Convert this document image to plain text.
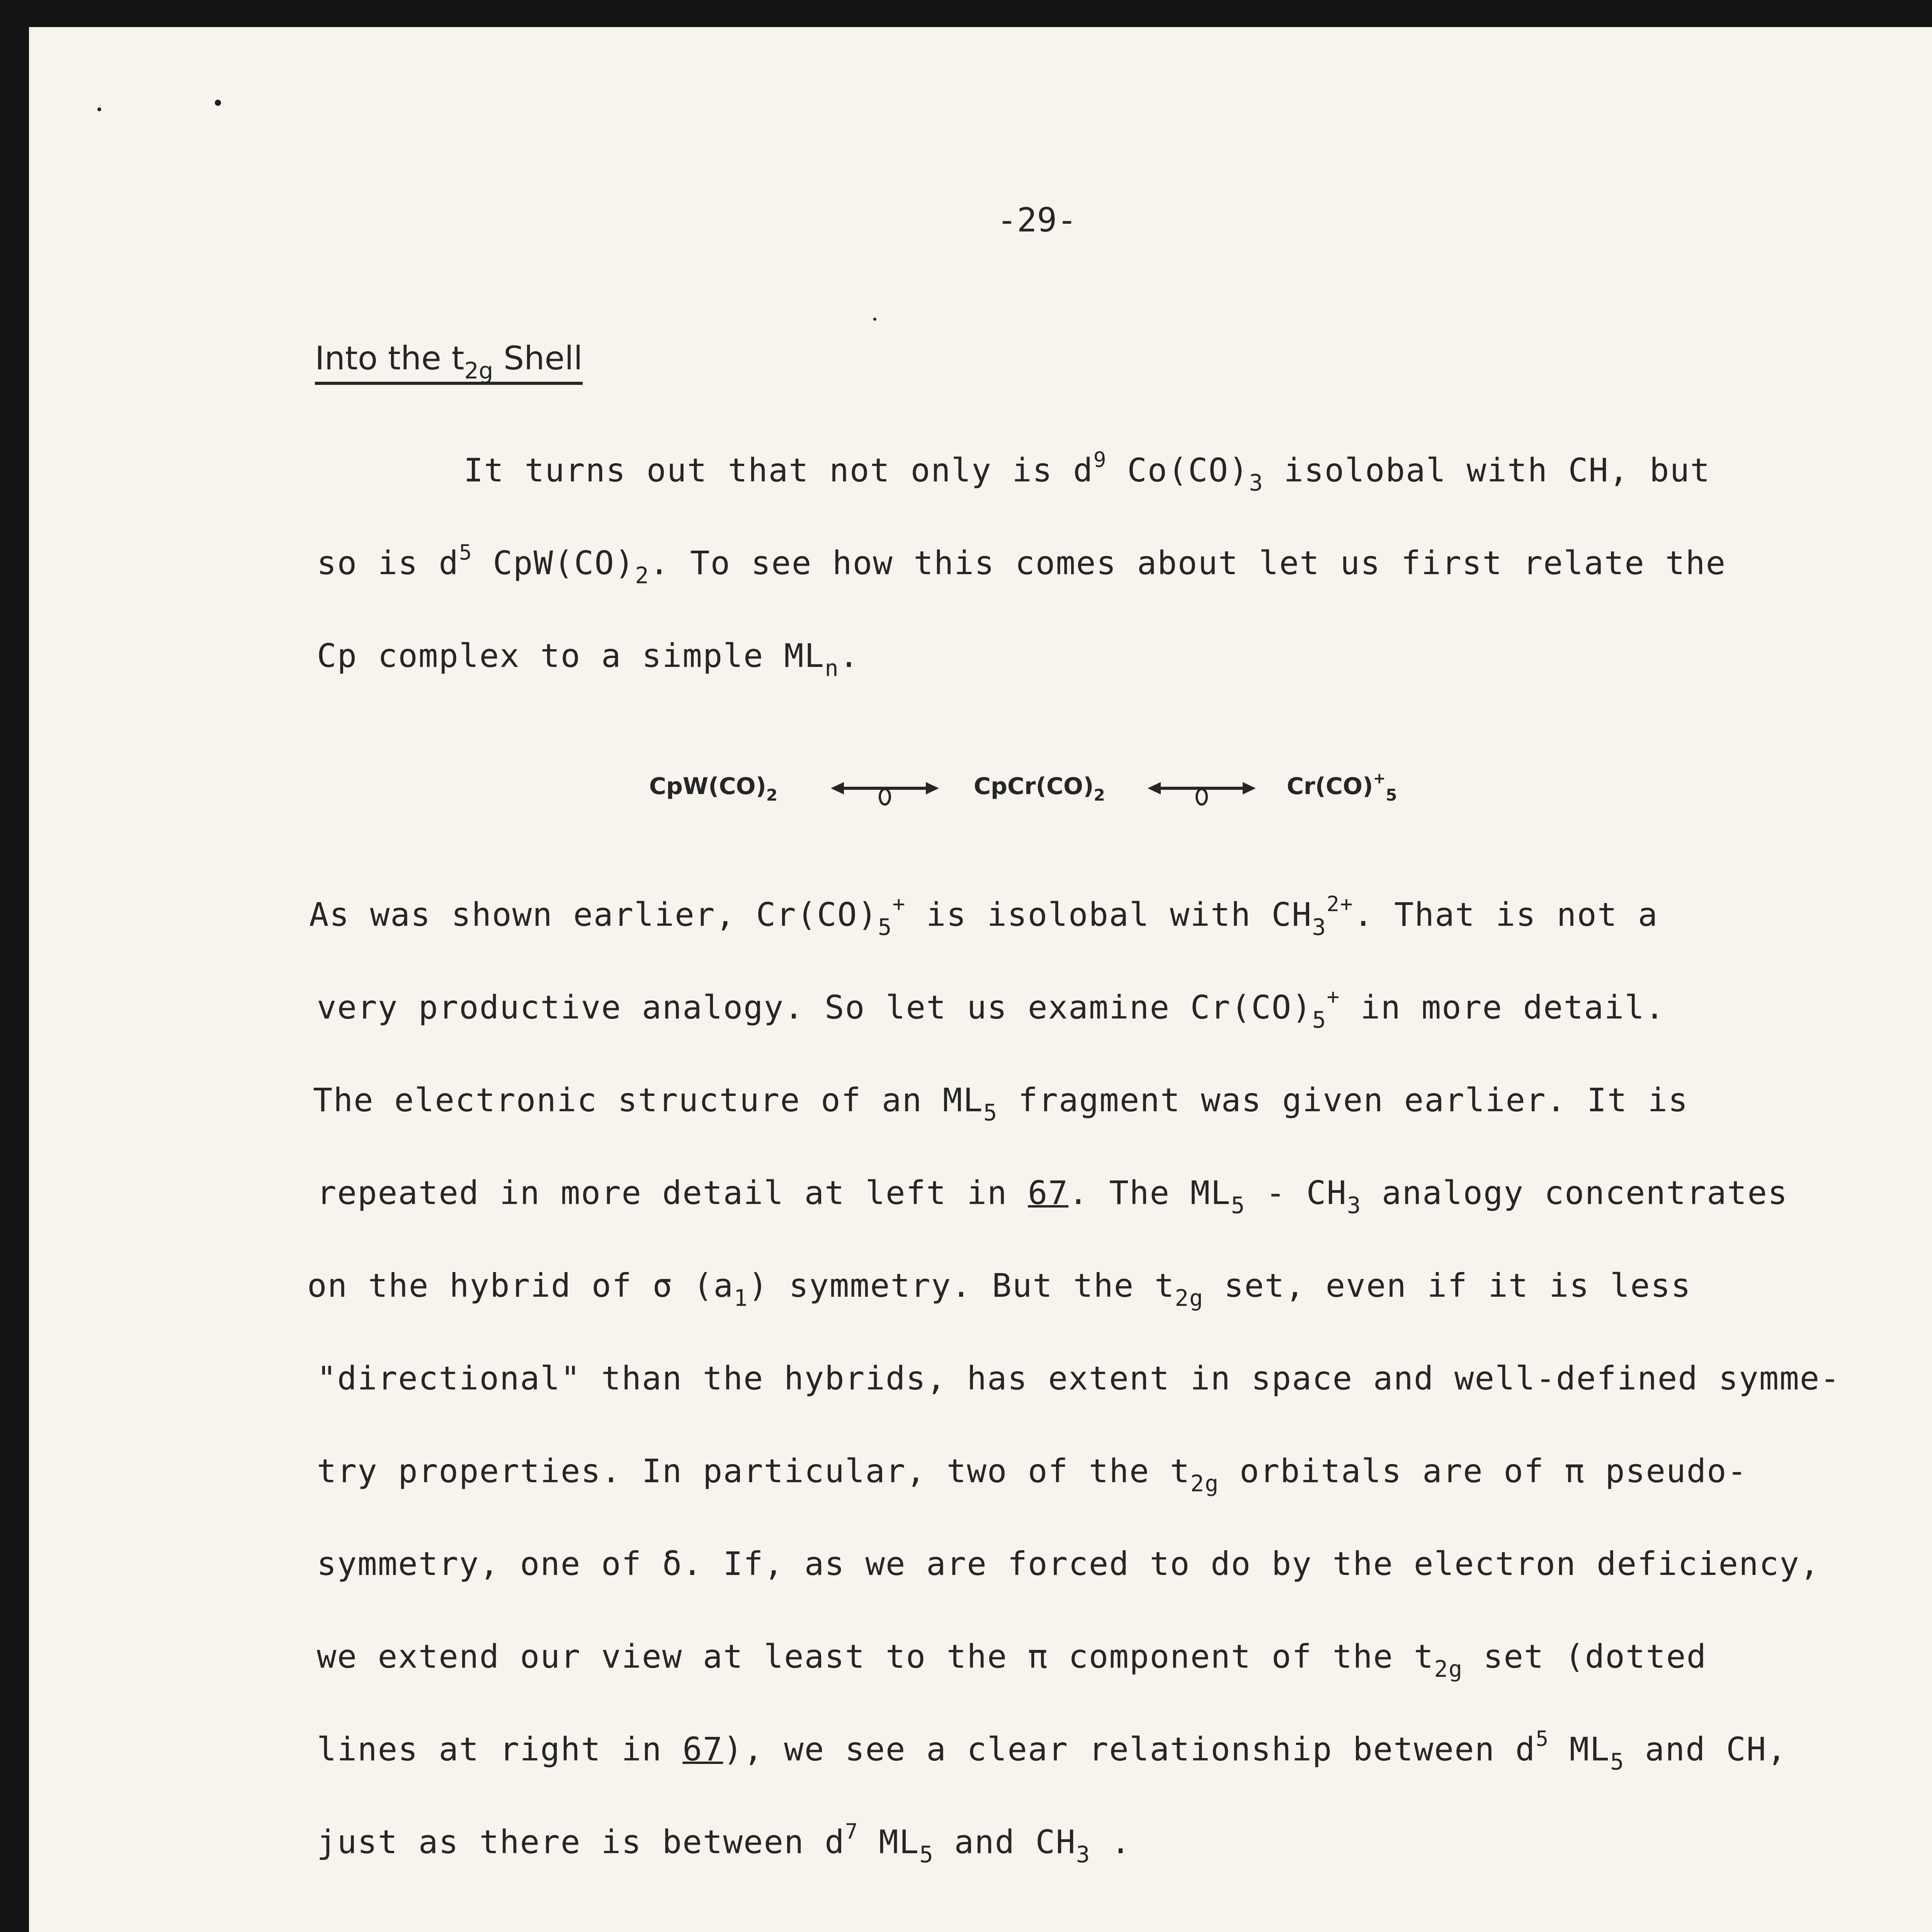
-29-
Into the $t_{2g}$ Shell
It turns out that not only is $d^9$ $Co(CO)_3$ isolobal with CH, but
so is $d^5$ $CpW(CO)_2$. To see how this comes about let us first relate the
Cp complex to a simple $ML_n$.
$CpW(CO)_2$	$CpCr(CO)_2$	$Cr(CO)^+_5$
As was shown earlier, $Cr(CO)_5^+$ is isolobal with $CH_3^{2+}$. That is not a
very productive analogy. So let us examine $Cr(CO)_5^+$ in more detail.
The electronic structure of an $ML_5$ fragment was given earlier. It is
repeated in more detail at left in 67. The $ML_5 - CH_3$ analogy concentrates
on the hybrid of σ $(a_1)$ symmetry. But the $t_{2g}$ set, even if it is less
"directional" than the hybrids, has extent in space and well-defined symme-
try properties. In particular, two of the $t_{2g}$ orbitals are of π pseudo-
symmetry, one of δ. If, as we are forced to do by the electron deficiency,
we extend our view at least to the π component of the $t_{2g}$ set (dotted
lines at right in 67), we see a clear relationship between $d^5$ $ML_5$ and CH,
just as there is between $d^7$ $ML_5$ and $CH_3$ .
